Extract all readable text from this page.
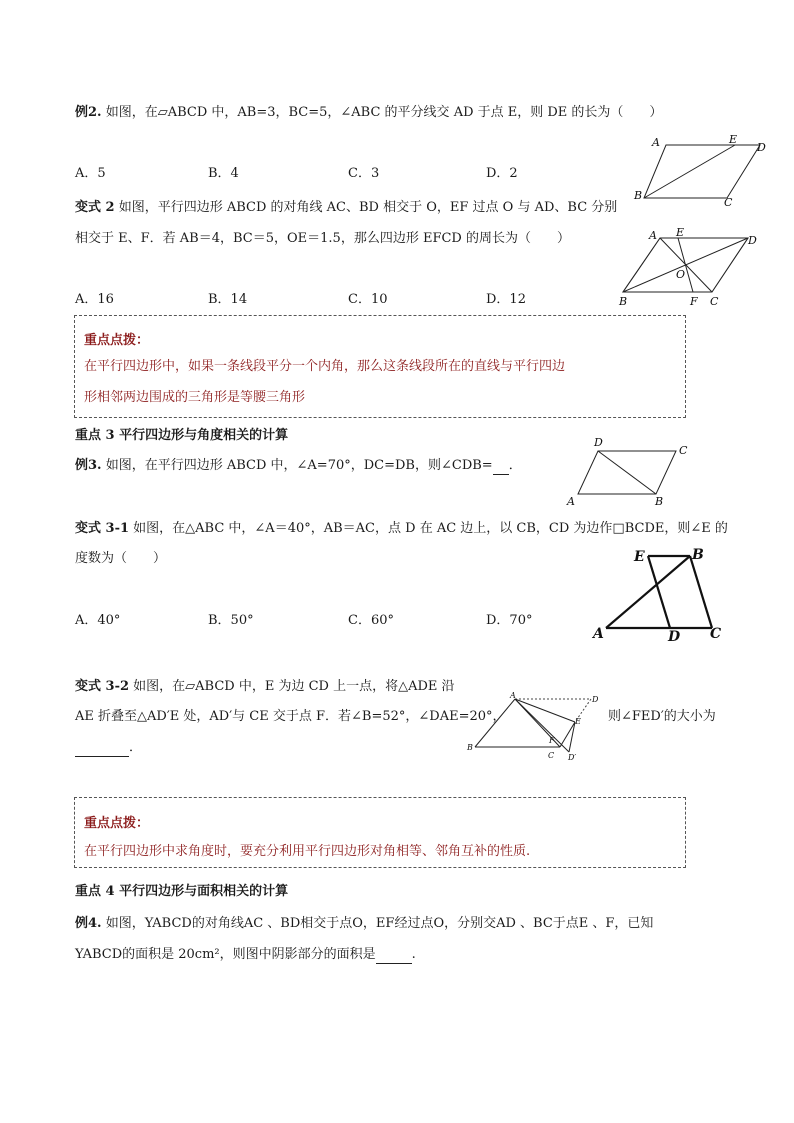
例2. 如图，在▱ABCD 中，AB=3，BC=5，∠ABC 的平分线交 AD 于点 E，则 DE 的长为（　　）
A．5	B．4	C．3	D．2
A	E
D
B
C
变式 2 如图，平行四边形 ABCD 的对角线 AC、BD 相交于 O，EF 过点 O 与 AD、BC 分别
相交于 E、F．若 AB＝4，BC＝5，OE＝1.5，那么四边形 EFCD 的周长为（　　）
A．16	B．14	C．10	D．12
A E
D
O
B	F C
重点点拨：
在平行四边形中，如果一条线段平分一个内角，那么这条线段所在的直线与平行四边
形相邻两边围成的三角形是等腰三角形
重点 3 平行四边形与角度相关的计算
例3. 如图，在平行四边形 ABCD 中，∠A=70°，DC=DB，则∠CDB= ．
D
C
A	B
变式 3-1 如图，在△ABC 中，∠A＝40°，AB＝AC，点 D 在 AC 边上，以 CB，CD 为边作□BCDE，则∠E 的
度数为（　　）
A．40°	B．50°	C．60°	D．70°
E	B
A	D C
变式 3-2 如图，在▱ABCD 中，E 为边 CD 上一点，将△ADE 沿
AE 折叠至△AD′E 处，AD′与 CE 交于点 F．若∠B=52°，∠DAE=20°，	则∠FED′的大小为
．
A	D
E
F
B
C D′
重点点拨：
在平行四边形中求角度时，要充分利用平行四边形对角相等、邻角互补的性质.
重点 4 平行四边形与面积相关的计算
例4. 如图，YABCD的对角线AC 、BD相交于点O，EF经过点O，分别交AD 、BC于点E 、F，已知
YABCD的面积是 20cm²，则图中阴影部分的面积是	.
